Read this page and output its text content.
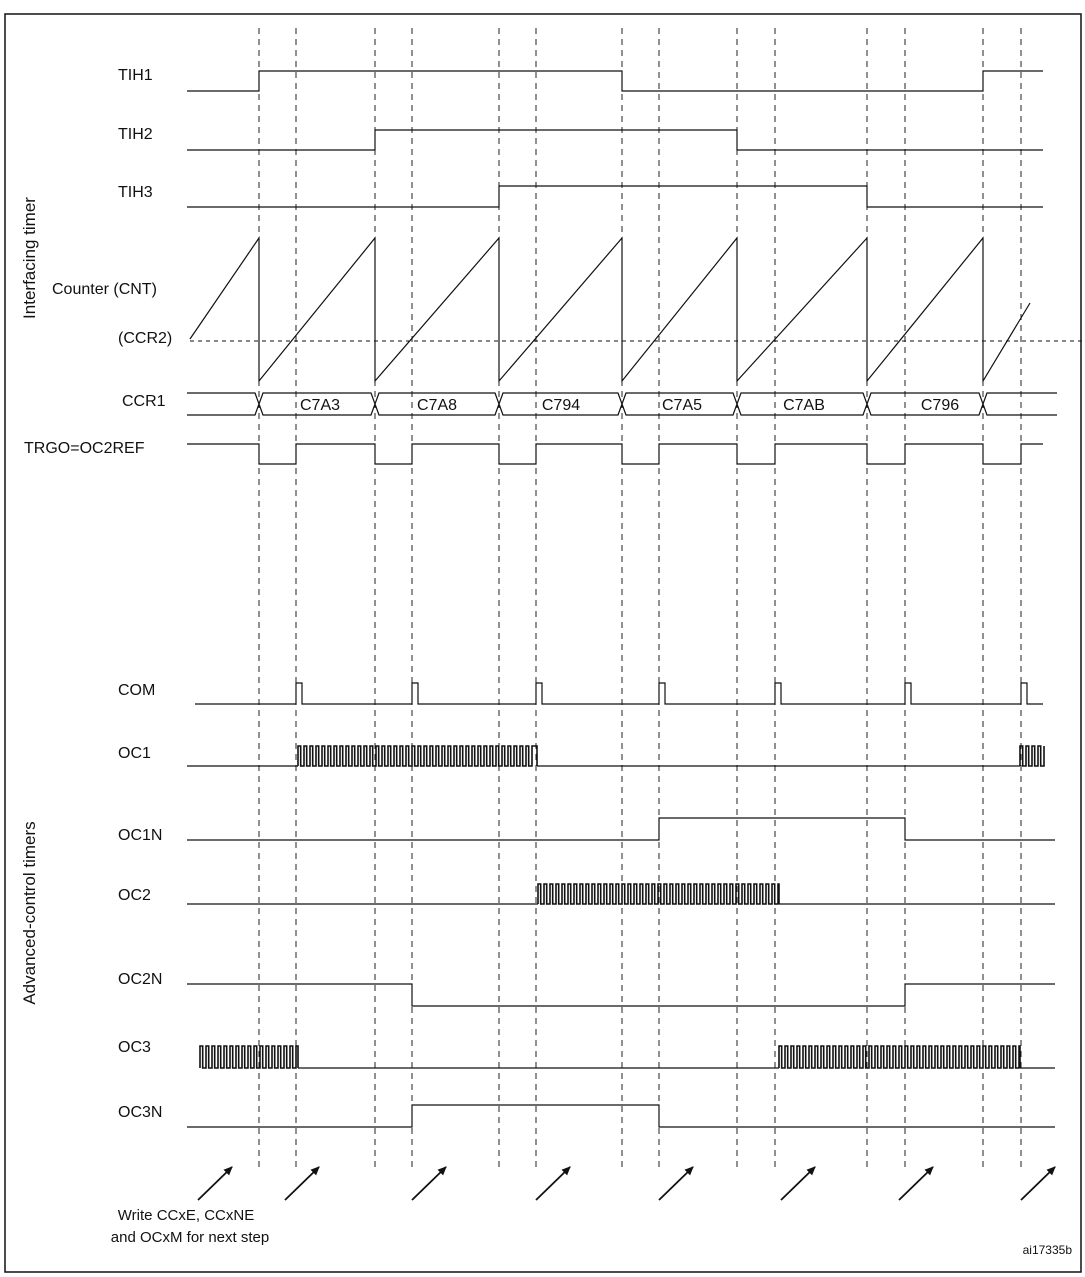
Interfacing timer
Advanced-control timers
TIH1
TIH2
TIH3
Counter (CNT)
(CCR2)
CCR1
TRGO=OC2REF
COM
OC1
OC1N
OC2
OC2N
OC3
OC3N
C7A3	C7A8	C794	C7A5	C7AB	C796
Write CCxE, CCxNE
and OCxM for next step
ai17335b
